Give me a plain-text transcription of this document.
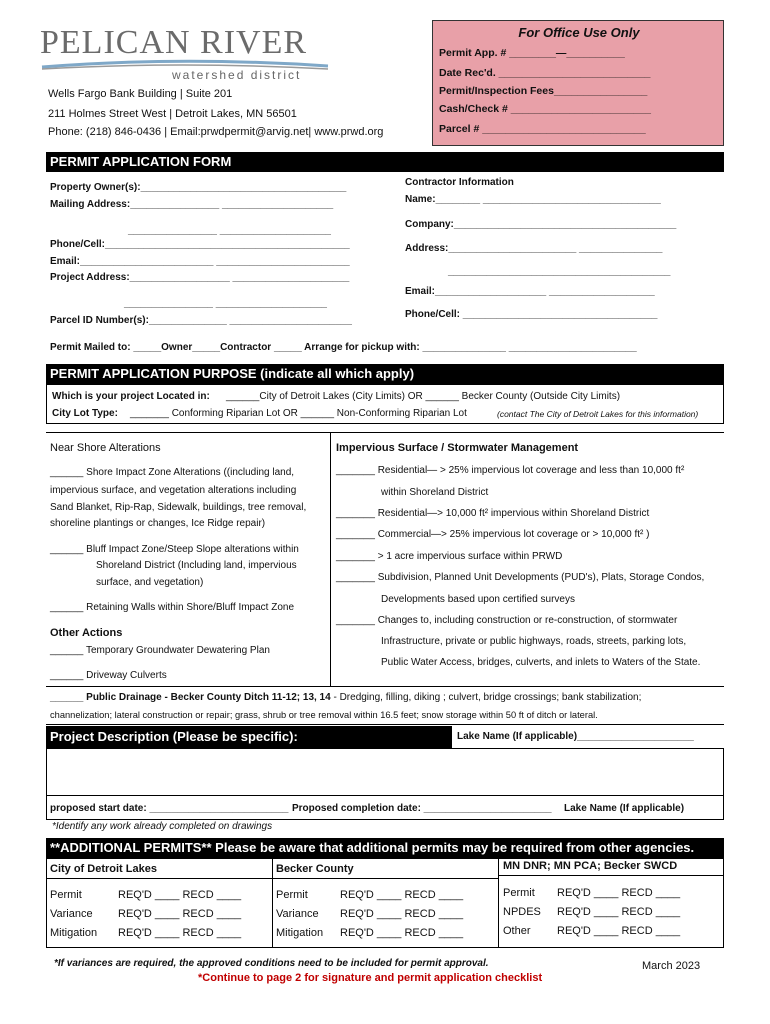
PELICAN RIVER
watershed district
Wells Fargo Bank Building | Suite 201
211 Holmes Street West | Detroit Lakes, MN 56501
Phone: (218) 846-0436 | Email:prwdpermit@arvig.net| www.prwd.org
For Office Use Only
Permit App. # ________—__________
Date Rec'd. __________________________
Permit/Inspection Fees________________
Cash/Check # ________________________
Parcel # ____________________________
PERMIT APPLICATION FORM
Property Owner(s):_____________________________________
Mailing Address:________________ ____________________
________________ ____________________
Phone/Cell:____________________________________________
Email:________________________ ________________________
Project Address:__________________ _____________________
________________ ____________________
Parcel ID Number(s):______________ ______________________
Contractor Information
Name:________ ________________________________
Company:________________________________________
Address:_______________________ _______________
________________________________________
Email:____________________ ___________________
Phone/Cell: ___________________________________
Permit Mailed to: _____Owner_____Contractor _____ Arrange for pickup with: _______________ _______________________
PERMIT APPLICATION PURPOSE (indicate all which apply)
Which is your project Located in: ______City of Detroit Lakes (City Limits) OR ______ Becker County (Outside City Limits)
City Lot Type: _______ Conforming Riparian Lot OR ______ Non-Conforming Riparian Lot	(contact The City of Detroit Lakes for this information)
Near Shore Alterations
______ Shore Impact Zone Alterations ((including land,
impervious surface, and vegetation alterations including
Sand Blanket, Rip-Rap, Sidewalk, buildings, tree removal,
shoreline plantings or changes, Ice Ridge repair)
______ Bluff Impact Zone/Steep Slope alterations within
Shoreland District (Including land, impervious
surface, and vegetation)
______ Retaining Walls within Shore/Bluff Impact Zone
Other Actions
______ Temporary Groundwater Dewatering Plan
______ Driveway Culverts
Impervious Surface / Stormwater Management
_______ Residential— > 25% impervious lot coverage and less than 10,000 ft²
within Shoreland District
_______ Residential—> 10,000 ft² impervious within Shoreland District
_______ Commercial—> 25% impervious lot coverage or > 10,000 ft² )
_______ > 1 acre impervious surface within PRWD
_______ Subdivision, Planned Unit Developments (PUD's), Plats, Storage Condos,
Developments based upon certified surveys
_______ Changes to, including construction or re-construction, of stormwater
Infrastructure, private or public highways, roads, streets, parking lots,
Public Water Access, bridges, culverts, and inlets to Waters of the State.
______ Public Drainage - Becker County Ditch 11-12; 13, 14 - Dredging, filling, diking ; culvert, bridge crossings; bank stabilization;
channelization; lateral construction or repair; grass, shrub or tree removal within 16.5 feet; snow storage within 50 ft of ditch or lateral.
Project Description (Please be specific):	Lake Name (If applicable)_____________________
proposed start date: _________________________ Proposed completion date: _______________________ Lake Name (If applicable)
*Identify any work already completed on drawings
**ADDITIONAL PERMITS** Please be aware that additional permits may be required from other agencies.
City of Detroit Lakes	Becker County	MN DNR; MN PCA; Becker SWCD
Permit	REQ'D ____ RECD ____
Variance REQ'D ____ RECD ____
Mitigation REQ'D ____ RECD ____
Permit	REQ'D ____ RECD ____
Variance REQ'D ____ RECD ____
Mitigation REQ'D ____ RECD ____
Permit REQ'D ____ RECD ____
NPDES REQ'D ____ RECD ____
Other REQ'D ____ RECD ____
*If variances are required, the approved conditions need to be included for permit approval.
*Continue to page 2 for signature and permit application checklist
March 2023
